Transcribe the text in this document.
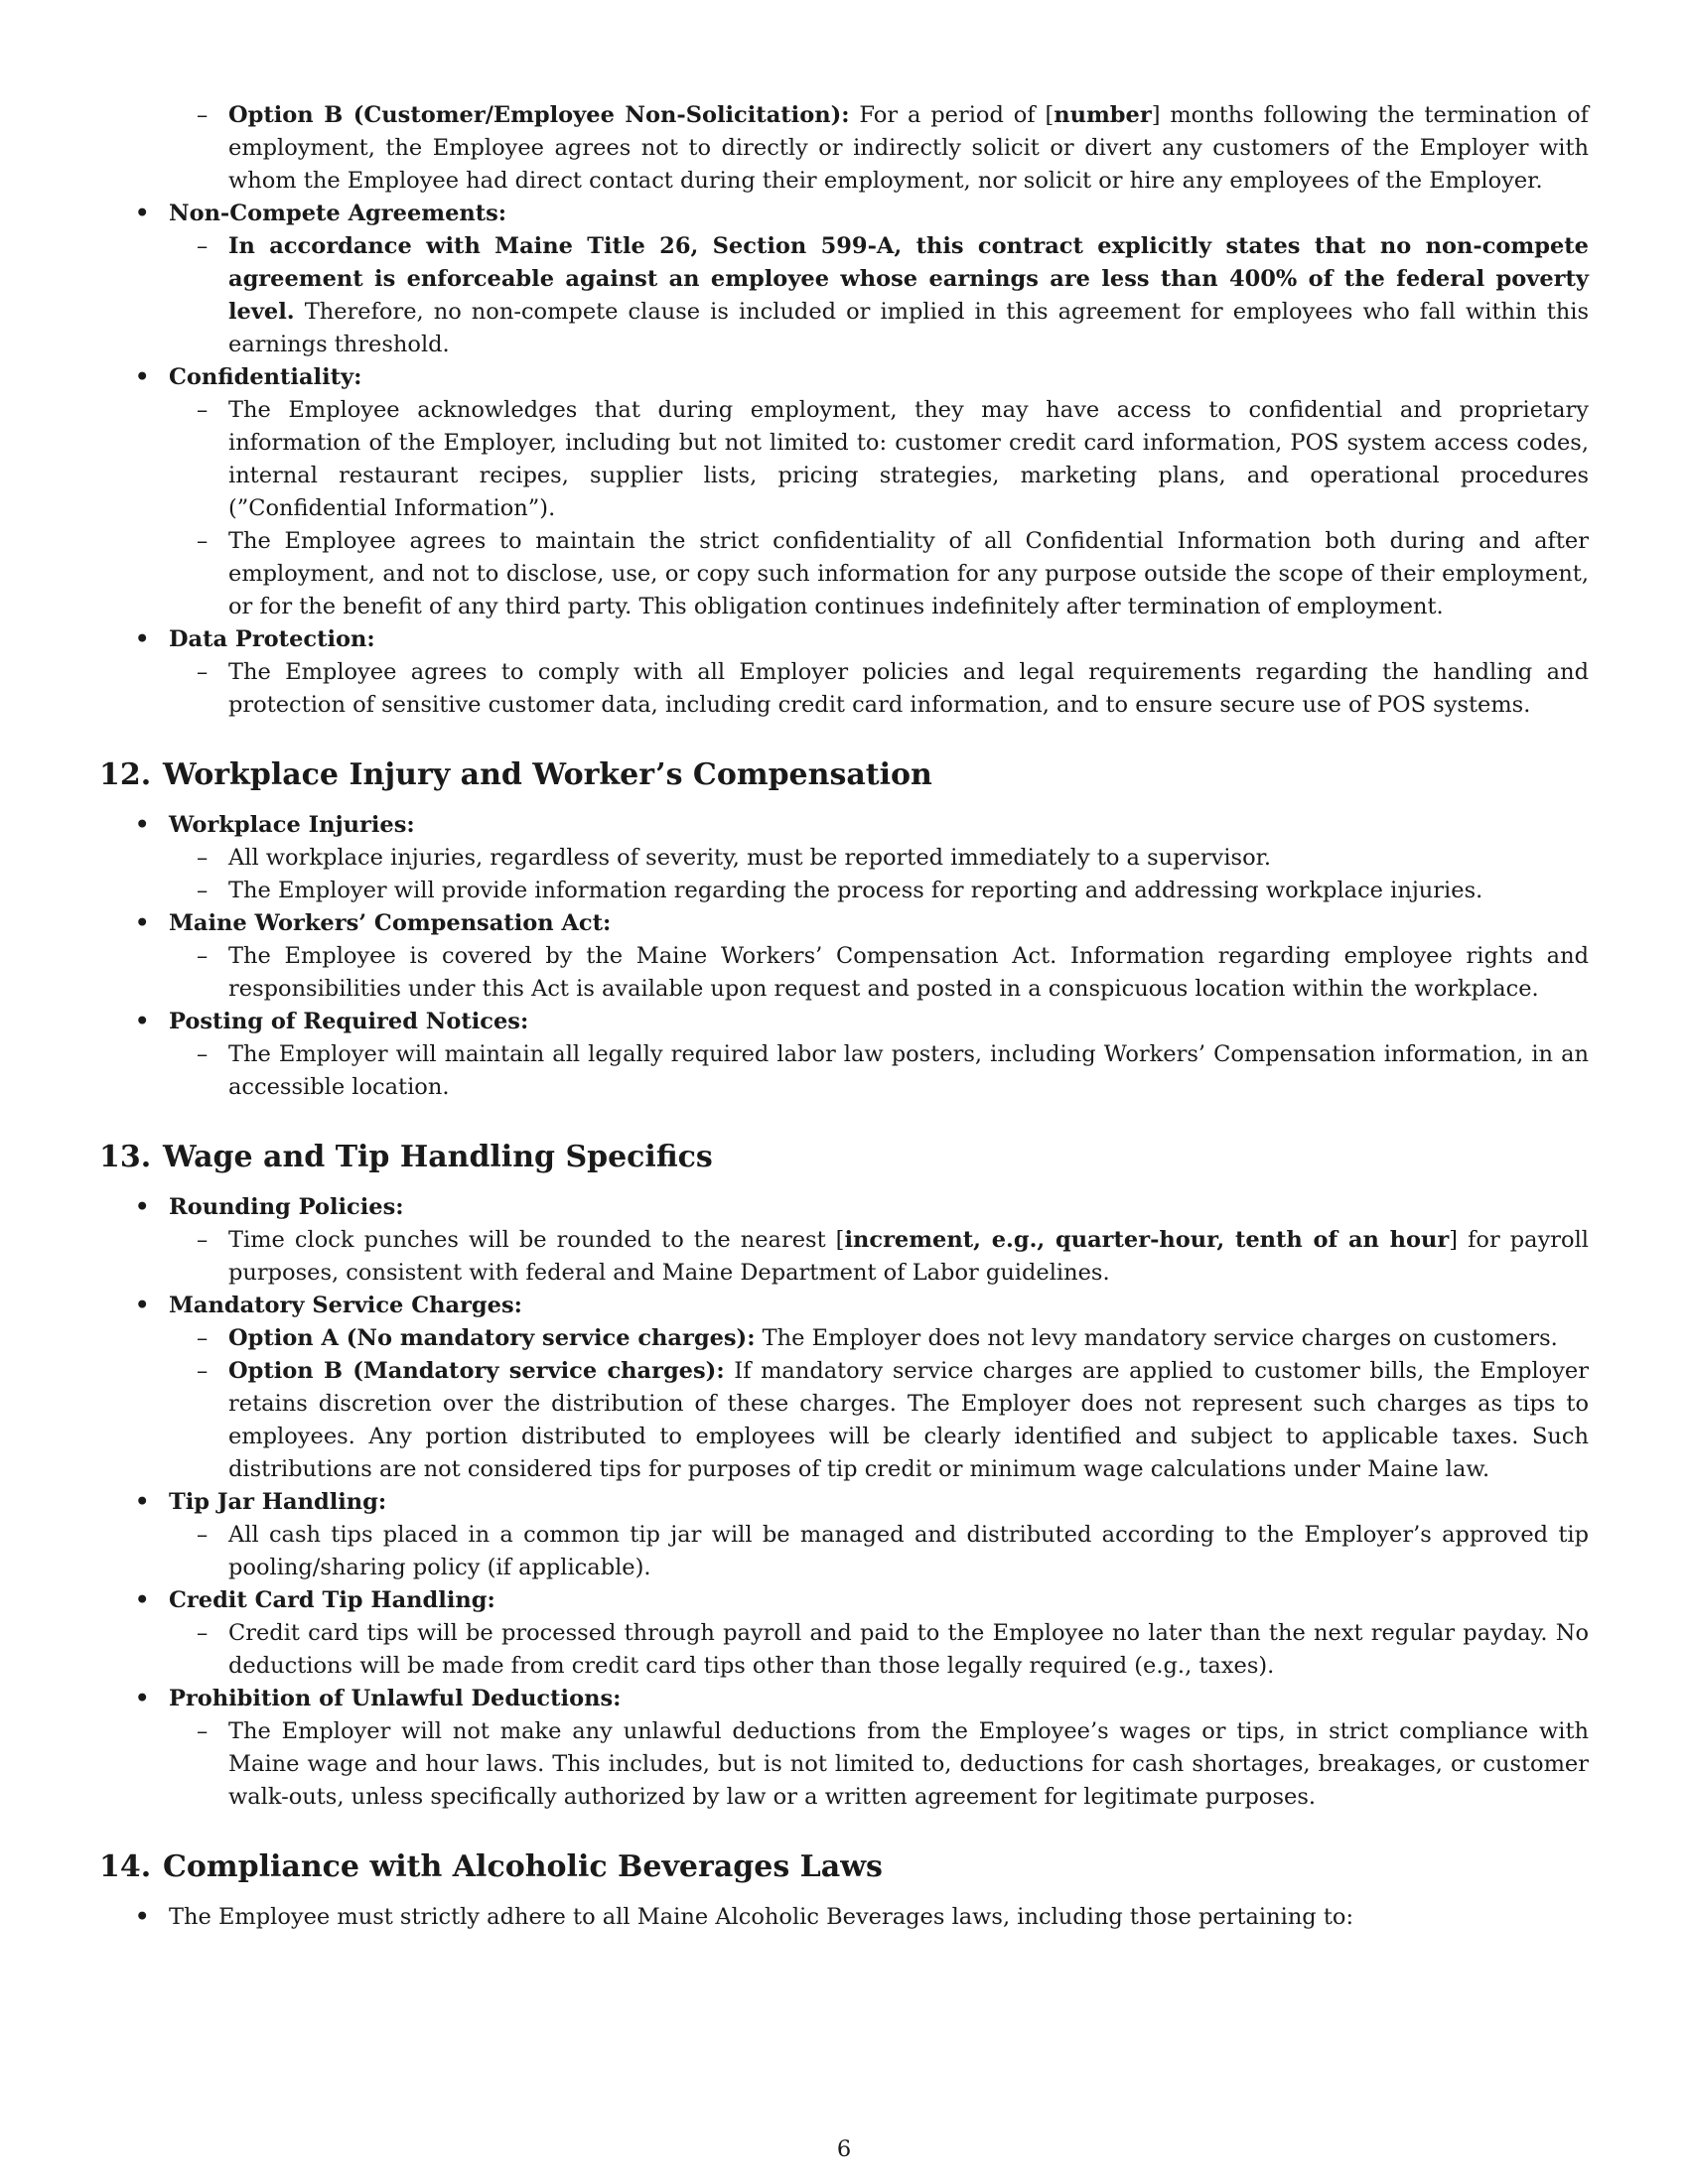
– Option B (Customer/Employee Non-Solicitation): For a period of [number] months following the termination of employment, the Employee agrees not to directly or indirectly solicit or divert any customers of the Employer with whom the Employee had direct contact during their employment, nor solicit or hire any employees of the Employer.

• Non-Compete Agreements:

– In accordance with Maine Title 26, Section 599-A, this contract explicitly states that no non-compete agreement is enforceable against an employee whose earnings are less than 400% of the federal poverty level. Therefore, no non-compete clause is included or implied in this agreement for employees who fall within this earnings threshold.

• Confidentiality:

– The Employee acknowledges that during employment, they may have access to confidential and proprietary information of the Employer, including but not limited to: customer credit card information, POS system access codes, internal restaurant recipes, supplier lists, pricing strategies, marketing plans, and operational procedures (”Confidential Information”).

– The Employee agrees to maintain the strict confidentiality of all Confidential Information both during and after employment, and not to disclose, use, or copy such information for any purpose outside the scope of their employment, or for the benefit of any third party. This obligation continues indefinitely after termination of employment.

• Data Protection:

– The Employee agrees to comply with all Employer policies and legal requirements regarding the handling and protection of sensitive customer data, including credit card information, and to ensure secure use of POS systems.

12. Workplace Injury and Worker’s Compensation

• Workplace Injuries:

– All workplace injuries, regardless of severity, must be reported immediately to a supervisor.

– The Employer will provide information regarding the process for reporting and addressing workplace injuries.

• Maine Workers’ Compensation Act:

– The Employee is covered by the Maine Workers’ Compensation Act. Information regarding employee rights and responsibilities under this Act is available upon request and posted in a conspicuous location within the workplace.

• Posting of Required Notices:

– The Employer will maintain all legally required labor law posters, including Workers’ Compensation information, in an accessible location.

13. Wage and Tip Handling Specifics

• Rounding Policies:

– Time clock punches will be rounded to the nearest [increment, e.g., quarter-hour, tenth of an hour] for payroll purposes, consistent with federal and Maine Department of Labor guidelines.

• Mandatory Service Charges:

– Option A (No mandatory service charges): The Employer does not levy mandatory service charges on customers.

– Option B (Mandatory service charges): If mandatory service charges are applied to customer bills, the Employer retains discretion over the distribution of these charges. The Employer does not represent such charges as tips to employees. Any portion distributed to employees will be clearly identified and subject to applicable taxes. Such distributions are not considered tips for purposes of tip credit or minimum wage calculations under Maine law.

• Tip Jar Handling:

– All cash tips placed in a common tip jar will be managed and distributed according to the Employer’s approved tip pooling/sharing policy (if applicable).

• Credit Card Tip Handling:

– Credit card tips will be processed through payroll and paid to the Employee no later than the next regular payday. No deductions will be made from credit card tips other than those legally required (e.g., taxes).

• Prohibition of Unlawful Deductions:

– The Employer will not make any unlawful deductions from the Employee’s wages or tips, in strict compliance with Maine wage and hour laws. This includes, but is not limited to, deductions for cash shortages, breakages, or customer walk-outs, unless specifically authorized by law or a written agreement for legitimate purposes.

14. Compliance with Alcoholic Beverages Laws

• The Employee must strictly adhere to all Maine Alcoholic Beverages laws, including those pertaining to:

6
